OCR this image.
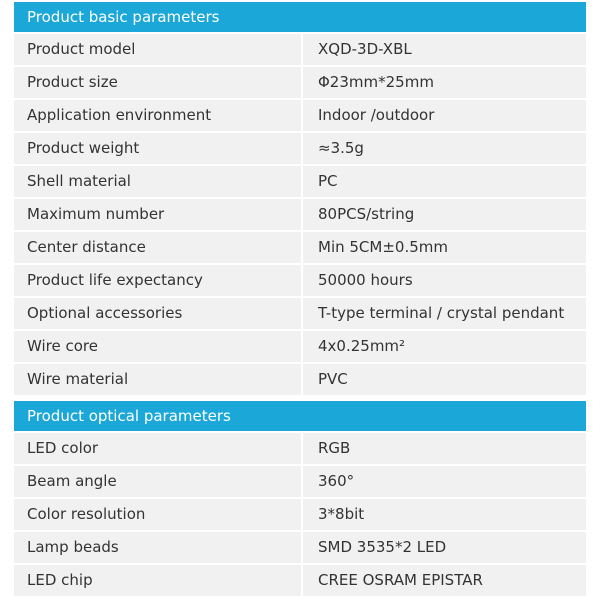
Product basic parameters
Product model	XQD-3D-XBL
Product size	Φ23mm*25mm
Application environment	Indoor /outdoor
Product weight	≈3.5g
Shell material	PC
Maximum number	80PCS/string
Center distance	Min 5CM±0.5mm
Product life expectancy	50000 hours
Optional accessories	T-type terminal / crystal pendant
Wire core	4x0.25mm²
Wire material	PVC
Product optical parameters
LED color	RGB
Beam angle	360°
Color resolution	3*8bit
Lamp beads	SMD 3535*2 LED
LED chip	CREE OSRAM EPISTAR
